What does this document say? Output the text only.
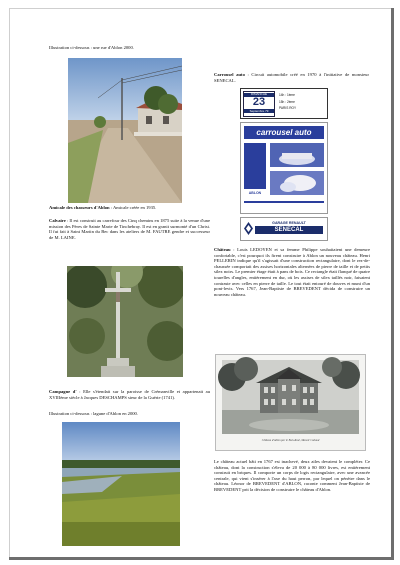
Illustration ci-dessous : une rue d'Ablon 2000.
Amicale des chasseurs d'Ablon : Amicale créée en 1935.
Calvaire : Il est construit au carrefour des Cinq chemins en 1875 suite à la venue d'une mission des Pères de Sainte Marie de Tinchebray. Il est en granit surmonté d'un Christ. Il fut fait à Saint Martin du Bec dans les ateliers de M. FAUTRE gendre et successeur de M. LAINE.
Campagne d' : Elle s'étendait sur la paroisse de Crémanville et appartenait au XVIIIème siècle à Jacques DESCHAMPS sieur de la Guérie (1741).
Illustration ci-dessous : lagune d'Ablon en 2000.
Carrousel auto : Circuit automobile créé en 1970 à l'initiative de monsieur SENECAL.
DIMANCHE
23
Septembre 79
14h : 1ème
15h : 2ème
PARIS ROY
carrousel auto
ABLON
GARAGE RENAULT
SENECAL
Château : Louis LEDOYEN et sa femme Philippe souhaitaient une demeure confortable, c'est pourquoi ils firent construire à Ablon un nouveau château. Henri PELLERIN indique qu'il s'agissait d'une construction rectangulaire, dont le rez-de-chaussée comportait des assises horizontales alternées de pierre de taille et de petits silex noirs. Le premier étage était à pans de bois. Ce rectangle était flanqué de quatre tourelles d'angles, entièrement en dur, où les assises de silex taillés noir, faisaient contraste avec celles en pierre de taille. Le tout était entouré de douves et muni d'un pont-levis. Vers 1767, Jean-Baptiste de BREVEDENT décida de construire un nouveau château.
Château d'Ablon par le Bois-Rosé, Manoir Cabaud
Le château actuel bâti en 1767 est inachevé, deux ailes devaient le compléter. Ce château, dont la construction s'éleva de 20 000 à 80 000 livres, est entièrement construit en briques. Il comporte un corps de logis rectangulaire, avec une avancée centrale, qui vient s'insérer à l'axe du haut perron, par lequel on pénètre dans le château. Léonor de BREVEDENT d'ABLON, raconte comment Jean-Baptiste de BREVEDENT prit la décision de construire le château d'Ablon.
